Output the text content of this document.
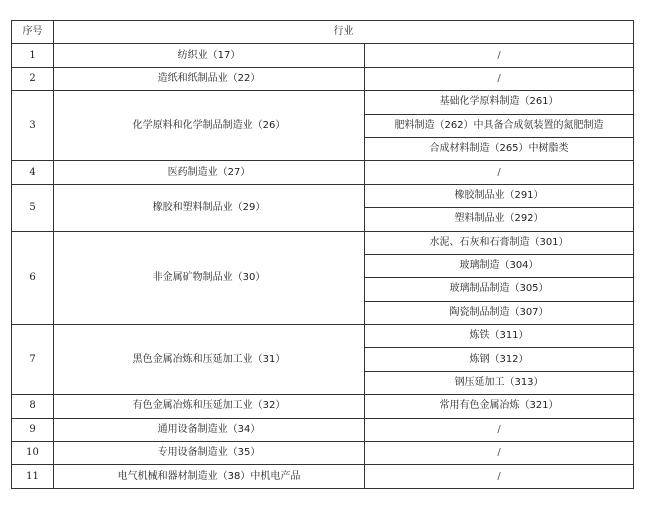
序号	行业	
1	纺织业（17）	/
2	造纸和纸制品业（22）	/
3	化学原料和化学制品制造业（26）	基础化学原料制造（261）
		肥料制造（262）中具备合成氨装置的氮肥制造
		合成材料制造（265）中树脂类
4	医药制造业（27）	/
5	橡胶和塑料制品业（29）	橡胶制品业（291）
		塑料制品业（292）
6	非金属矿物制品业（30）	水泥、石灰和石膏制造（301）
		玻璃制造（304）
		玻璃制品制造（305）
		陶瓷制品制造（307）
7	黑色金属冶炼和压延加工业（31）	炼铁（311）
		炼钢（312）
		钢压延加工（313）
8	有色金属冶炼和压延加工业（32）	常用有色金属冶炼（321）
9	通用设备制造业（34）	/
10	专用设备制造业（35）	/
11	电气机械和器材制造业（38）中机电产品	/
